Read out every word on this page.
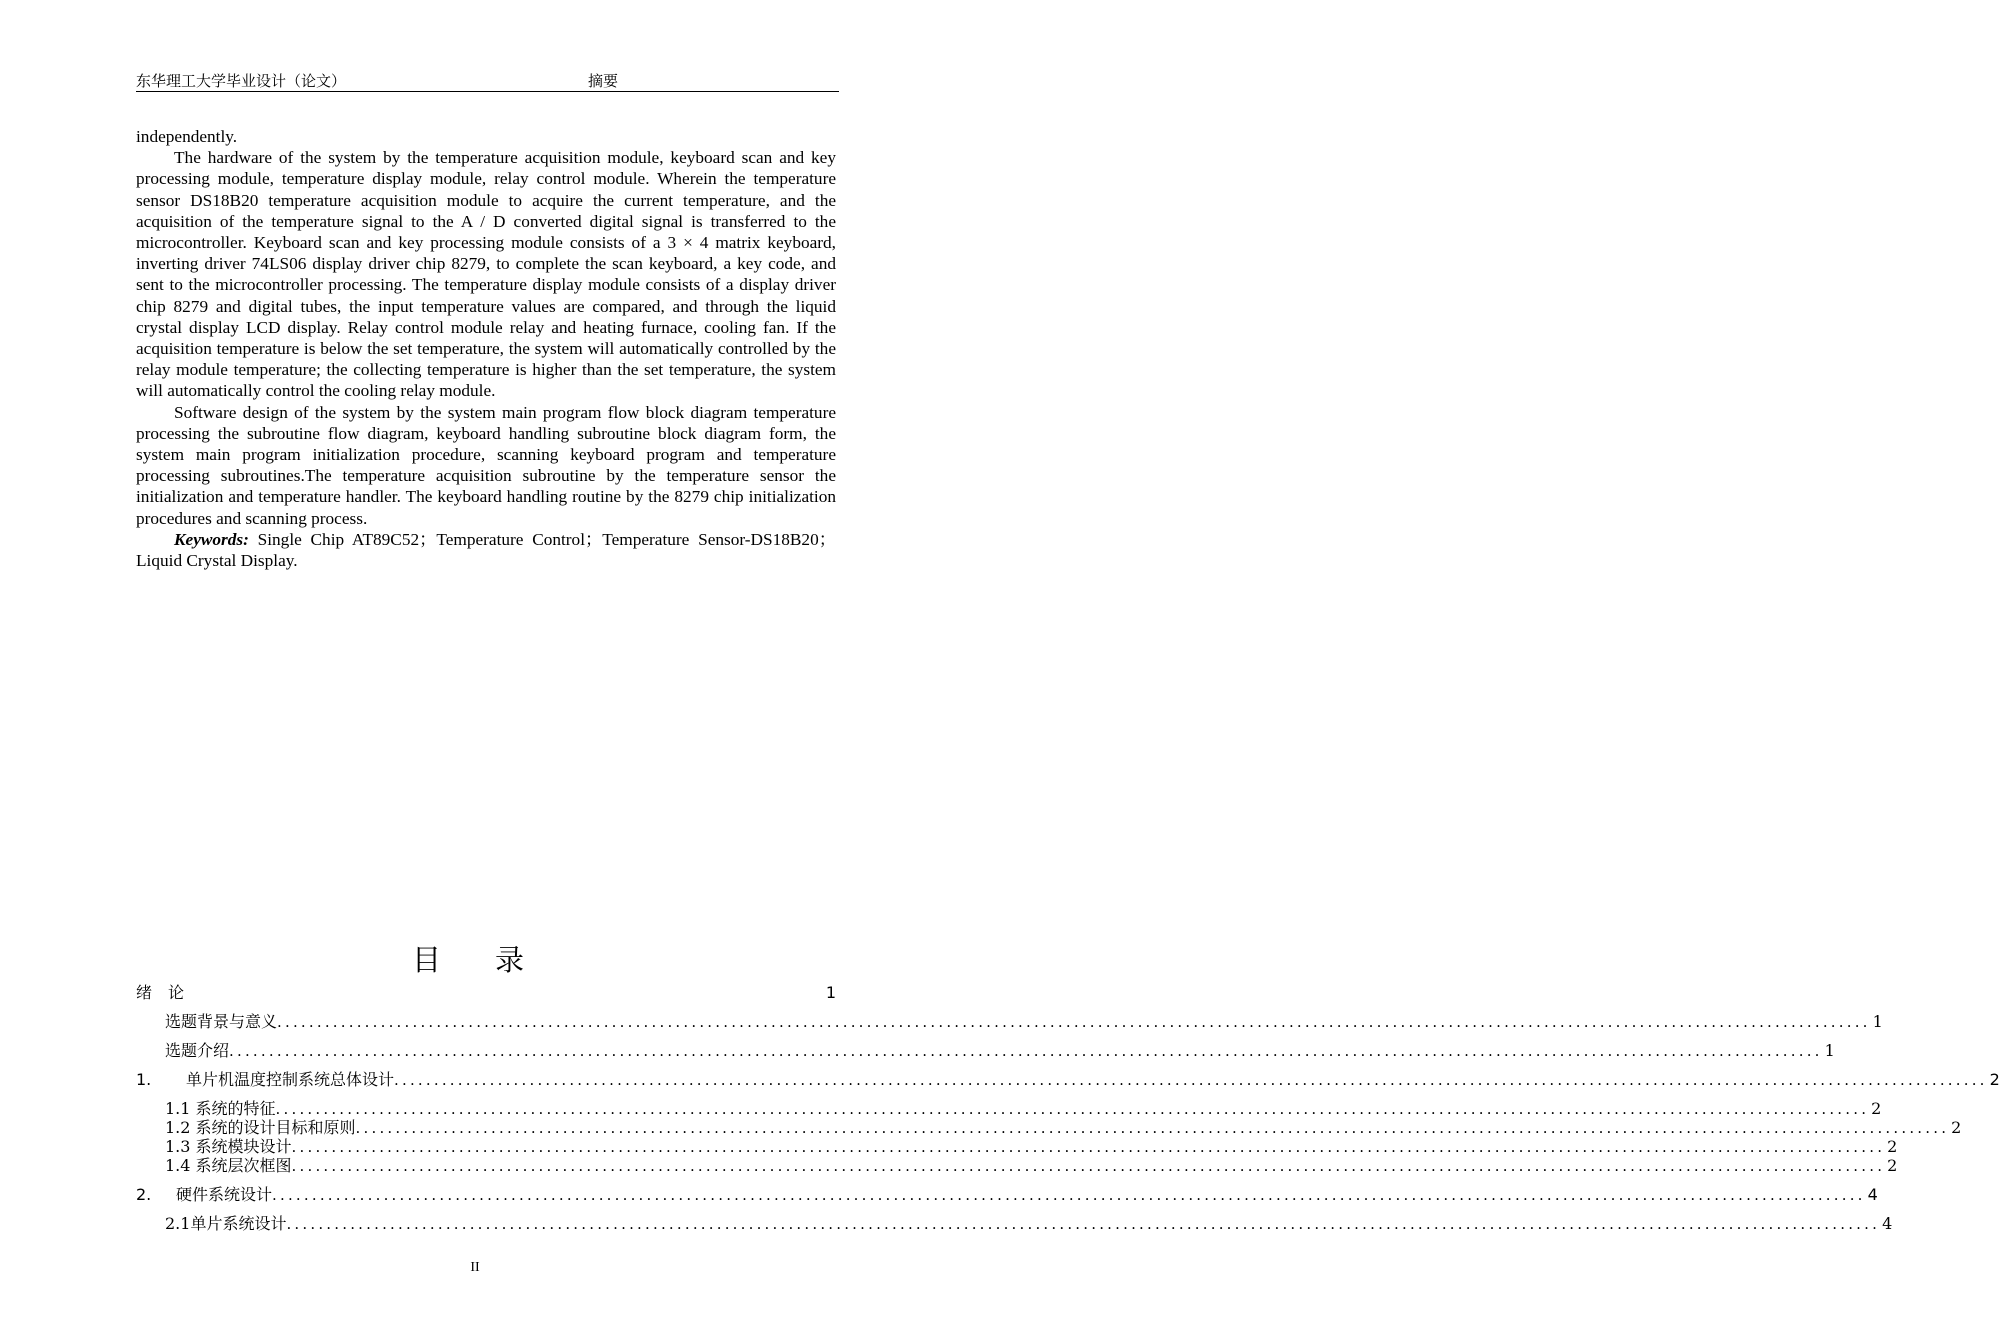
东华理工大学毕业设计（论文）	摘要

independently.

The hardware of the system by the temperature acquisition module, keyboard scan and key processing module, temperature display module, relay control module. Wherein the temperature sensor DS18B20 temperature acquisition module to acquire the current temperature, and the acquisition of the temperature signal to the A / D converted digital signal is transferred to the microcontroller. Keyboard scan and key processing module consists of a 3 × 4 matrix keyboard, inverting driver 74LS06 display driver chip 8279, to complete the scan keyboard, a key code, and sent to the microcontroller processing. The temperature display module consists of a display driver chip 8279 and digital tubes, the input temperature values are compared, and through the liquid crystal display LCD display. Relay control module relay and heating furnace, cooling fan. If the acquisition temperature is below the set temperature, the system will automatically controlled by the relay module temperature; the collecting temperature is higher than the set temperature, the system will automatically control the cooling relay module.

Software design of the system by the system main program flow block diagram temperature processing the subroutine flow diagram, keyboard handling subroutine block diagram form, the system main program initialization procedure, scanning keyboard program and temperature processing subroutines.The temperature acquisition subroutine by the temperature sensor the initialization and temperature handler. The keyboard handling routine by the 8279 chip initialization procedures and scanning process.

Keywords: Single Chip AT89C52；Temperature Control；Temperature Sensor-DS18B20；Liquid Crystal Display.

目录
绪　论	1
选题背景与意义 ........................................................................................................................................................................................................ 1
选题介绍 ........................................................................................................................................................................................................ 1
1. 单片机温度控制系统总体设计 ........................................................................................................................................................................................................ 2
1.1 系统的特征 ........................................................................................................................................................................................................ 2
1.2 系统的设计目标和原则 ........................................................................................................................................................................................................ 2
1.3 系统模块设计 ........................................................................................................................................................................................................ 2
1.4 系统层次框图 ........................................................................................................................................................................................................ 2
2. 硬件系统设计 ........................................................................................................................................................................................................ 4
2.1单片系统设计 ........................................................................................................................................................................................................ 4
II
